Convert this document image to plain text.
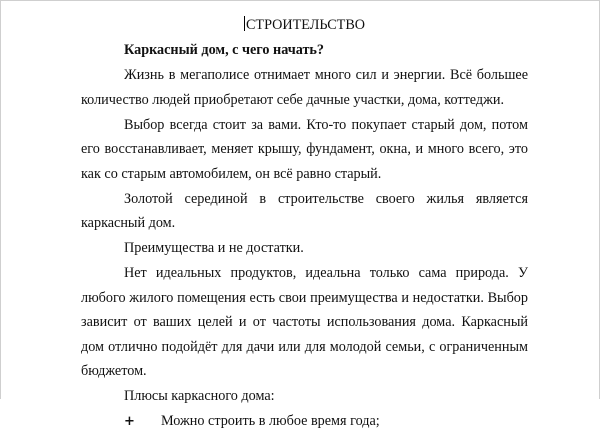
СТРОИТЕЛЬСТВО

Каркасный дом, с чего начать?

Жизнь в мегаполисе отнимает много сил и энергии. Всё большее количество людей приобретают себе дачные участки, дома, коттеджи.

Выбор всегда стоит за вами. Кто-то покупает старый дом, потом его восстанавливает, меняет крышу, фундамент, окна, и много всего, это как со старым автомобилем, он всё равно старый.

Золотой серединой в строительстве своего жилья является каркасный дом.

Преимущества и не достатки.

Нет идеальных продуктов, идеальна только сама природа. У любого жилого помещения есть свои преимущества и недостатки. Выбор зависит от ваших целей и от частоты использования дома. Каркасный дом отлично подойдёт для дачи или для молодой семьи, с ограниченным бюджетом.

Плюсы каркасного дома:

+	Можно строить в любое время года;
